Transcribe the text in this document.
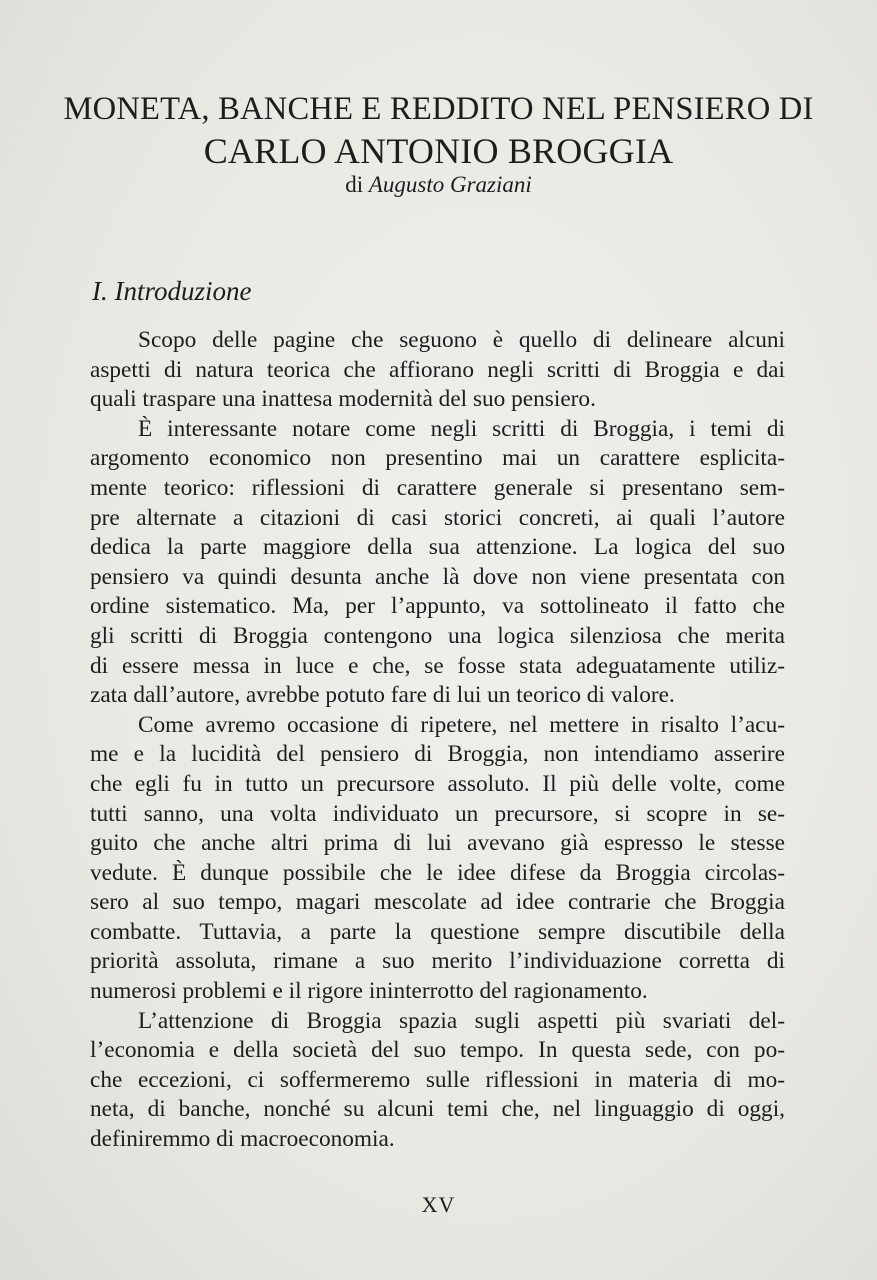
MONETA, BANCHE E REDDITO NEL PENSIERO DI
CARLO ANTONIO BROGGIA
di Augusto Graziani
I. Introduzione
Scopo delle pagine che seguono è quello di delineare alcuni
aspetti di natura teorica che affiorano negli scritti di Broggia e dai
quali traspare una inattesa modernità del suo pensiero.
È interessante notare come negli scritti di Broggia, i temi di
argomento economico non presentino mai un carattere esplicita-
mente teorico: riflessioni di carattere generale si presentano sem-
pre alternate a citazioni di casi storici concreti, ai quali l’autore
dedica la parte maggiore della sua attenzione. La logica del suo
pensiero va quindi desunta anche là dove non viene presentata con
ordine sistematico. Ma, per l’appunto, va sottolineato il fatto che
gli scritti di Broggia contengono una logica silenziosa che merita
di essere messa in luce e che, se fosse stata adeguatamente utiliz-
zata dall’autore, avrebbe potuto fare di lui un teorico di valore.
Come avremo occasione di ripetere, nel mettere in risalto l’acu-
me e la lucidità del pensiero di Broggia, non intendiamo asserire
che egli fu in tutto un precursore assoluto. Il più delle volte, come
tutti sanno, una volta individuato un precursore, si scopre in se-
guito che anche altri prima di lui avevano già espresso le stesse
vedute. È dunque possibile che le idee difese da Broggia circolas-
sero al suo tempo, magari mescolate ad idee contrarie che Broggia
combatte. Tuttavia, a parte la questione sempre discutibile della
priorità assoluta, rimane a suo merito l’individuazione corretta di
numerosi problemi e il rigore ininterrotto del ragionamento.
L’attenzione di Broggia spazia sugli aspetti più svariati del-
l’economia e della società del suo tempo. In questa sede, con po-
che eccezioni, ci soffermeremo sulle riflessioni in materia di mo-
neta, di banche, nonché su alcuni temi che, nel linguaggio di oggi,
definiremmo di macroeconomia.
XV
